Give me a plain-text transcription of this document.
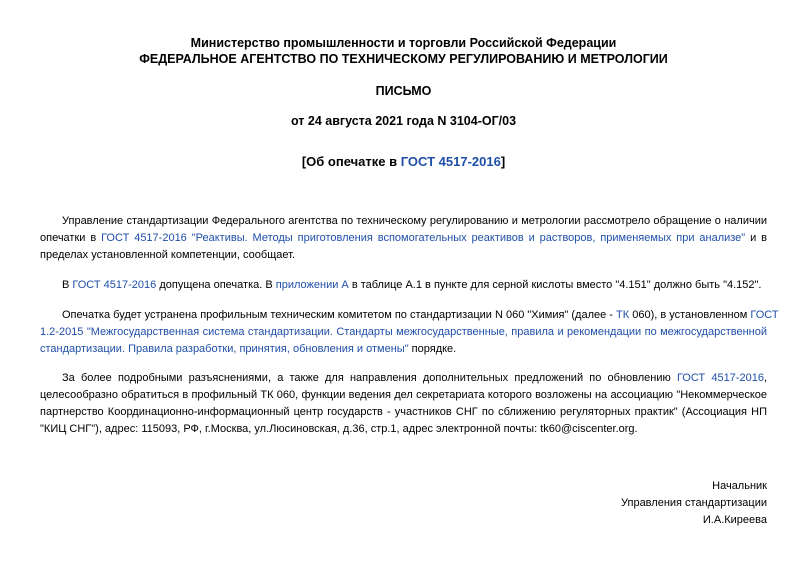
Министерство промышленности и торговли Российской Федерации
ФЕДЕРАЛЬНОЕ АГЕНТСТВО ПО ТЕХНИЧЕСКОМУ РЕГУЛИРОВАНИЮ И МЕТРОЛОГИИ
ПИСЬМО
от 24 августа 2021 года N 3104-ОГ/03
[Об опечатке в ГОСТ 4517-2016]
Управление стандартизации Федерального агентства по техническому регулированию и метрологии рассмотрело обращение о наличии
опечатки в ГОСТ 4517-2016 "Реактивы. Методы приготовления вспомогательных реактивов и растворов, применяемых при анализе" и в
пределах установленной компетенции, сообщает.
В ГОСТ 4517-2016 допущена опечатка. В приложении А в таблице А.1 в пункте для серной кислоты вместо "4.151" должно быть "4.152".
Опечатка будет устранена профильным техническим комитетом по стандартизации N 060 "Химия" (далее - ТК 060), в установленном ГОСТ
1.2-2015 "Межгосударственная система стандартизации. Стандарты межгосударственные, правила и рекомендации по межгосударственной
стандартизации. Правила разработки, принятия, обновления и отмены" порядке.
За более подробными разъяснениями, а также для направления дополнительных предложений по обновлению ГОСТ 4517-2016,
целесообразно обратиться в профильный ТК 060, функции ведения дел секретариата которого возложены на ассоциацию "Некоммерческое
партнерство Координационно-информационный центр государств - участников СНГ по сближению регуляторных практик" (Ассоциация НП
"КИЦ СНГ"), адрес: 115093, РФ, г.Москва, ул.Люсиновская, д.36, стр.1, адрес электронной почты: tk60@ciscenter.org.
Начальник
Управления стандартизации
И.А.Киреева
